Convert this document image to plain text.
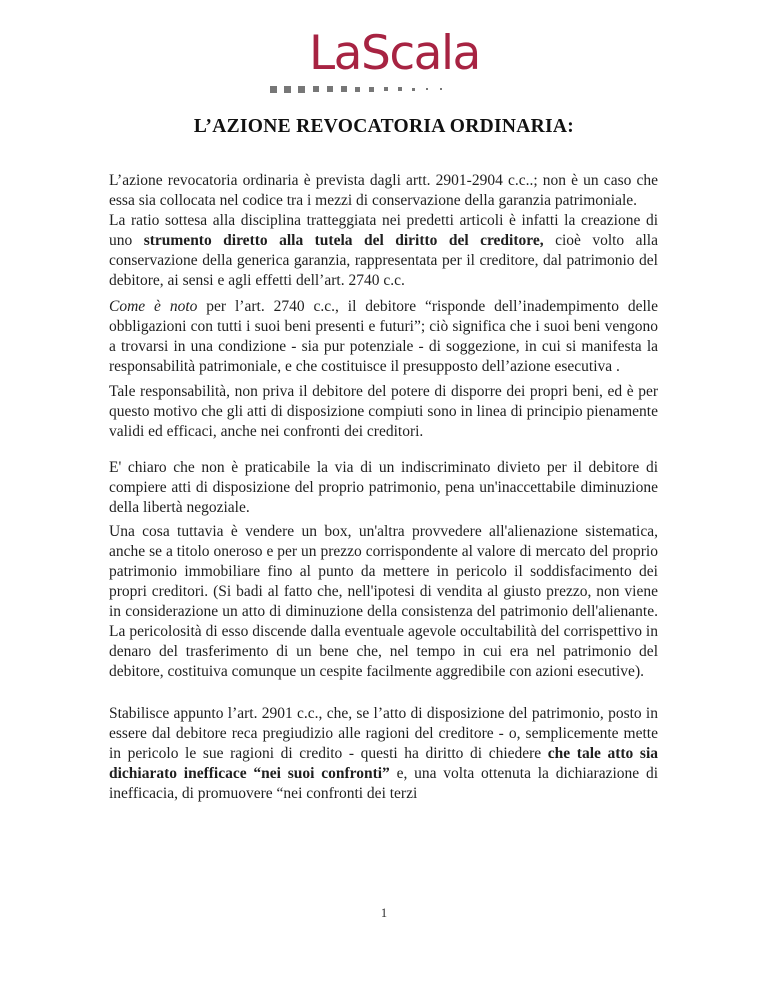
LaScala
L’AZIONE REVOCATORIA ORDINARIA:

L’azione revocatoria ordinaria è prevista dagli artt. 2901-2904 c.c..; non è un caso che essa sia collocata nel codice tra i mezzi di conservazione della garanzia patrimoniale.

La ratio sottesa alla disciplina tratteggiata nei predetti articoli è infatti la creazione di uno strumento diretto alla tutela del diritto del creditore, cioè volto alla conservazione della generica garanzia, rappresentata per il creditore, dal patrimonio del debitore, ai sensi e agli effetti dell’art. 2740 c.c.

Come è noto per l’art. 2740 c.c., il debitore “risponde dell’inadempimento delle obbligazioni con tutti i suoi beni presenti e futuri”; ciò significa che i suoi beni vengono a trovarsi in una condizione - sia pur potenziale - di soggezione, in cui si manifesta la responsabilità patrimoniale, e che costituisce il presupposto dell’azione esecutiva .

Tale responsabilità, non priva il debitore del potere di disporre dei propri beni, ed è per questo motivo che gli atti di disposizione compiuti sono in linea di principio pienamente validi ed efficaci, anche nei confronti dei creditori.

E' chiaro che non è praticabile la via di un indiscriminato divieto per il debitore di compiere atti di disposizione del proprio patrimonio, pena un'inaccettabile diminuzione della libertà negoziale.

Una cosa tuttavia è vendere un box, un'altra provvedere all'alienazione sistematica, anche se a titolo oneroso e per un prezzo corrispondente al valore di mercato del proprio patrimonio immobiliare fino al punto da mettere in pericolo il soddisfacimento dei propri creditori. (Si badi al fatto che, nell'ipotesi di vendita al giusto prezzo, non viene in considerazione un atto di diminuzione della consistenza del patrimonio dell'alienante. La pericolosità di esso discende dalla eventuale agevole occultabilità del corrispettivo in denaro del trasferimento di un bene che, nel tempo in cui era nel patrimonio del debitore, costituiva comunque un cespite facilmente aggredibile con azioni esecutive).

Stabilisce appunto l’art. 2901 c.c., che, se l’atto di disposizione del patrimonio, posto in essere dal debitore reca pregiudizio alle ragioni del creditore - o, semplicemente mette in pericolo le sue ragioni di credito - questi ha diritto di chiedere che tale atto sia dichiarato inefficace “nei suoi confronti” e, una volta ottenuta la dichiarazione di inefficacia, di promuovere “nei confronti dei terzi

1
